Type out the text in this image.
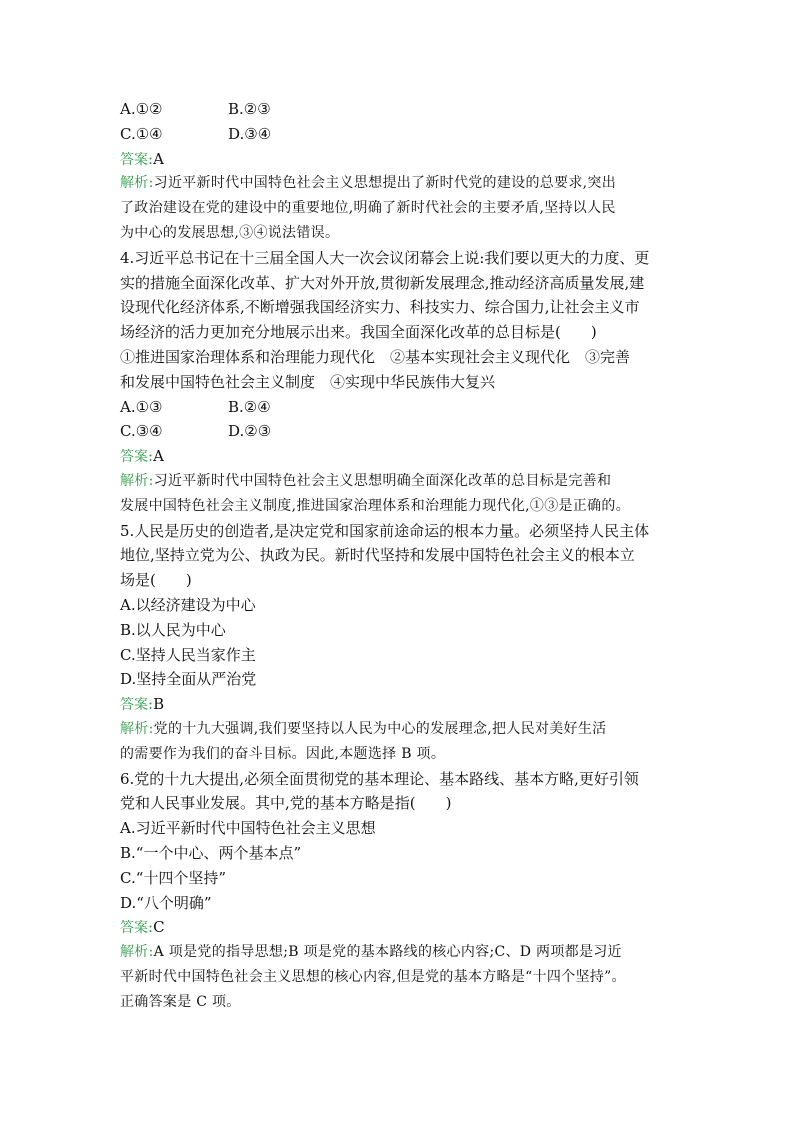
A.①②	B.②③
C.①④	D.③④
答案:A
解析:习近平新时代中国特色社会主义思想提出了新时代党的建设的总要求,突出
了政治建设在党的建设中的重要地位,明确了新时代社会的主要矛盾,坚持以人民
为中心的发展思想,③④说法错误。
4.习近平总书记在十三届全国人大一次会议闭幕会上说:我们要以更大的力度、更
实的措施全面深化改革、扩大对外开放,贯彻新发展理念,推动经济高质量发展,建
设现代化经济体系,不断增强我国经济实力、科技实力、综合国力,让社会主义市
场经济的活力更加充分地展示出来。我国全面深化改革的总目标是(　　)
①推进国家治理体系和治理能力现代化　②基本实现社会主义现代化　③完善
和发展中国特色社会主义制度　④实现中华民族伟大复兴
A.①③	B.②④
C.③④	D.②③
答案:A
解析:习近平新时代中国特色社会主义思想明确全面深化改革的总目标是完善和
发展中国特色社会主义制度,推进国家治理体系和治理能力现代化,①③是正确的。
5.人民是历史的创造者,是决定党和国家前途命运的根本力量。必须坚持人民主体
地位,坚持立党为公、执政为民。新时代坚持和发展中国特色社会主义的根本立
场是(　　)
A.以经济建设为中心
B.以人民为中心
C.坚持人民当家作主
D.坚持全面从严治党
答案:B
解析:党的十九大强调,我们要坚持以人民为中心的发展理念,把人民对美好生活
的需要作为我们的奋斗目标。因此,本题选择 B 项。
6.党的十九大提出,必须全面贯彻党的基本理论、基本路线、基本方略,更好引领
党和人民事业发展。其中,党的基本方略是指(　　)
A.习近平新时代中国特色社会主义思想
B.“一个中心、两个基本点”
C.“十四个坚持”
D.“八个明确”
答案:C
解析:A 项是党的指导思想;B 项是党的基本路线的核心内容;C、D 两项都是习近
平新时代中国特色社会主义思想的核心内容,但是党的基本方略是“十四个坚持”。
正确答案是 C 项。
